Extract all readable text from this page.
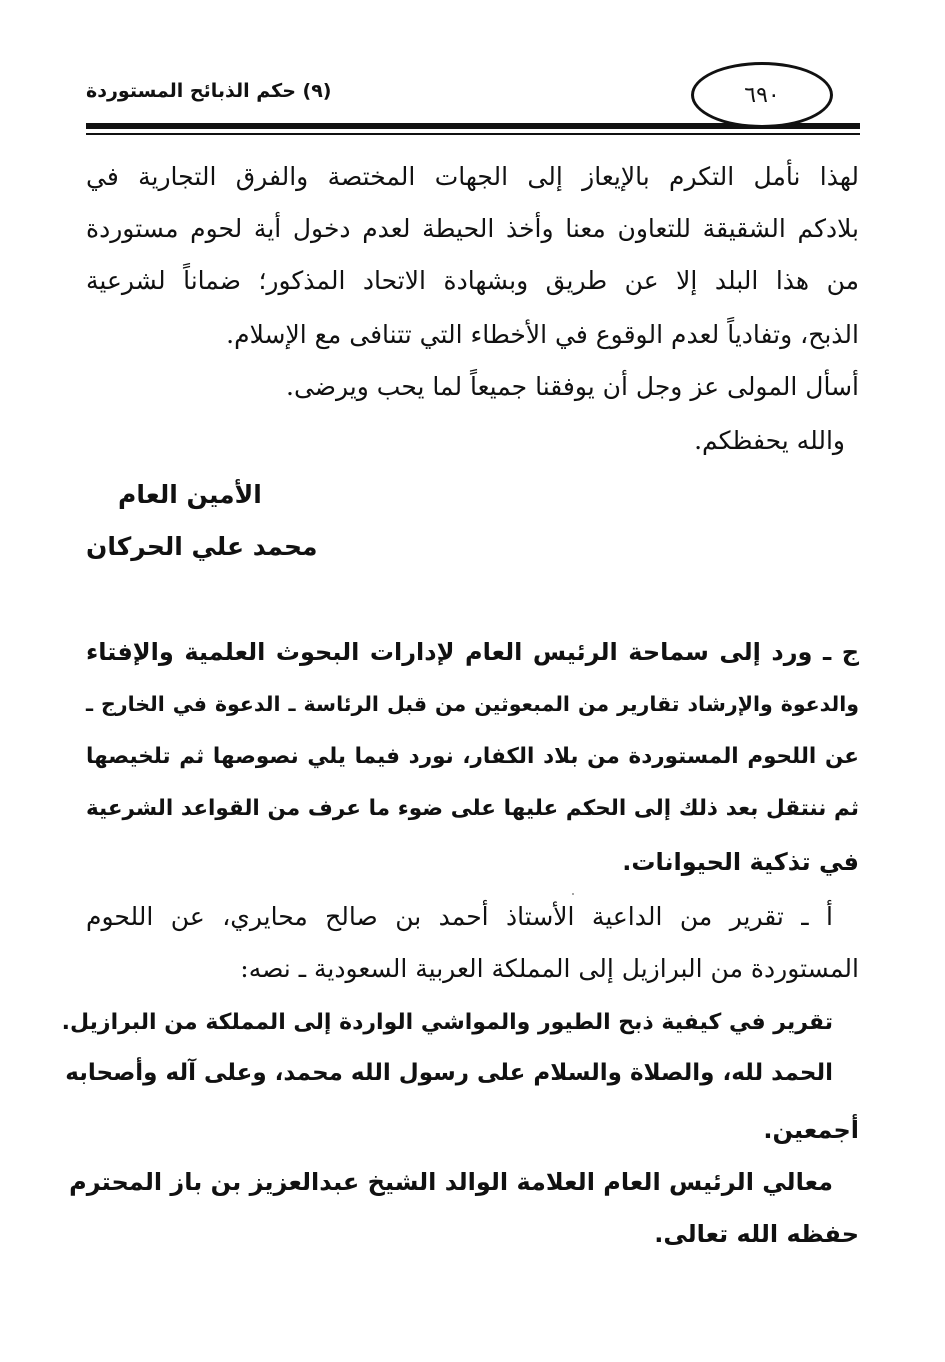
(٩) حكم الذبائح المستوردة	٦٩٠
لهذا نأمل التكرم بالإيعاز إلى الجهات المختصة والفرق التجارية في
بلادكم الشقيقة للتعاون معنا وأخذ الحيطة لعدم دخول أية لحوم مستوردة
من هذا البلد إلا عن طريق وبشهادة الاتحاد المذكور؛ ضماناً لشرعية
الذبح، وتفادياً لعدم الوقوع في الأخطاء التي تتنافى مع الإسلام.
أسأل المولى عز وجل أن يوفقنا جميعاً لما يحب ويرضى.
والله يحفظكم.
الأمين العام
محمد علي الحركان
ج ـ ورد إلى سماحة الرئيس العام لإدارات البحوث العلمية والإفتاء
والدعوة والإرشاد تقارير من المبعوثين من قبل الرئاسة ـ الدعوة في الخارج ـ
عن اللحوم المستوردة من بلاد الكفار، نورد فيما يلي نصوصها ثم تلخيصها
ثم ننتقل بعد ذلك إلى الحكم عليها على ضوء ما عرف من القواعد الشرعية
في تذكية الحيوانات.
أ ـ تقرير من الداعية الأستاذ أحمد بن صالح محايري، عن اللحوم
المستوردة من البرازيل إلى المملكة العربية السعودية ـ نصه:
تقرير في كيفية ذبح الطيور والمواشي الواردة إلى المملكة من البرازيل.
الحمد لله، والصلاة والسلام على رسول الله محمد، وعلى آله وأصحابه
أجمعين.
معالي الرئيس العام العلامة الوالد الشيخ عبدالعزيز بن باز المحترم
حفظه الله تعالى.
